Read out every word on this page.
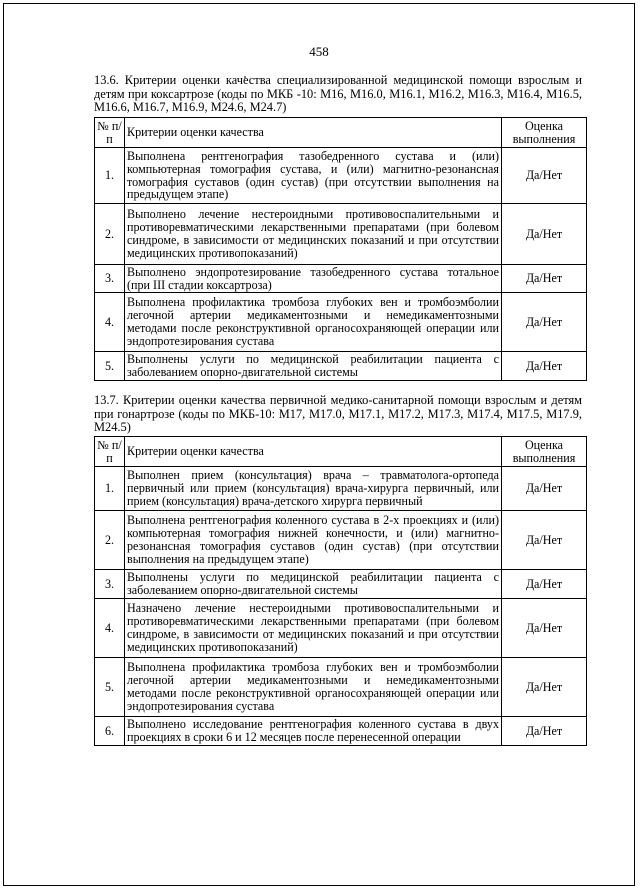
458
13.6. Критерии оценки качества специализированной медицинской помощи взрослым и детям при коксартрозе (коды по МКБ -10: M16, M16.0, M16.1, M16.2, M16.3, M16.4, M16.5, M16.6, M16.7, M16.9, M24.6, M24.7)
№ п/п	Критерии оценки качества	Оценка выполнения
1.	Выполнена рентгенография тазобедренного сустава и (или) компьютерная томография сустава, и (или) магнитно-резонансная томография суставов (один сустав) (при отсутствии выполнения на предыдущем этапе)	Да/Нет
2.	Выполнено лечение нестероидными противовоспалительными и противоревматическими лекарственными препаратами (при болевом синдроме, в зависимости от медицинских показаний и при отсутствии медицинских противопоказаний)	Да/Нет
3.	Выполнено эндопротезирование тазобедренного сустава тотальное (при III стадии коксартроза)	Да/Нет
4.	Выполнена профилактика тромбоза глубоких вен и тромбоэмболии легочной артерии медикаментозными и немедикаментозными методами после реконструктивной органосохраняющей операции или эндопротезирования сустава	Да/Нет
5.	Выполнены услуги по медицинской реабилитации пациента с заболеванием опорно-двигательной системы	Да/Нет
13.7. Критерии оценки качества первичной медико-санитарной помощи взрослым и детям при гонартрозе (коды по МКБ-10: M17, M17.0, M17.1, M17.2, M17.3, M17.4, M17.5, M17.9, M24.5)
№ п/п	Критерии оценки качества	Оценка выполнения
1.	Выполнен прием (консультация) врача – травматолога-ортопеда первичный или прием (консультация) врача-хирурга первичный, или прием (консультация) врача-детского хирурга первичный	Да/Нет
2.	Выполнена рентгенография коленного сустава в 2-х проекциях и (или) компьютерная томография нижней конечности, и (или) магнитно-резонансная томография суставов (один сустав) (при отсутствии выполнения на предыдущем этапе)	Да/Нет
3.	Выполнены услуги по медицинской реабилитации пациента с заболеванием опорно-двигательной системы	Да/Нет
4.	Назначено лечение нестероидными противовоспалительными и противоревматическими лекарственными препаратами (при болевом синдроме, в зависимости от медицинских показаний и при отсутствии медицинских противопоказаний)	Да/Нет
5.	Выполнена профилактика тромбоза глубоких вен и тромбоэмболии легочной артерии медикаментозными и немедикаментозными методами после реконструктивной органосохраняющей операции или эндопротезирования сустава	Да/Нет
6.	Выполнено исследование рентгенография коленного сустава в двух проекциях в сроки 6 и 12 месяцев после перенесенной операции	Да/Нет
